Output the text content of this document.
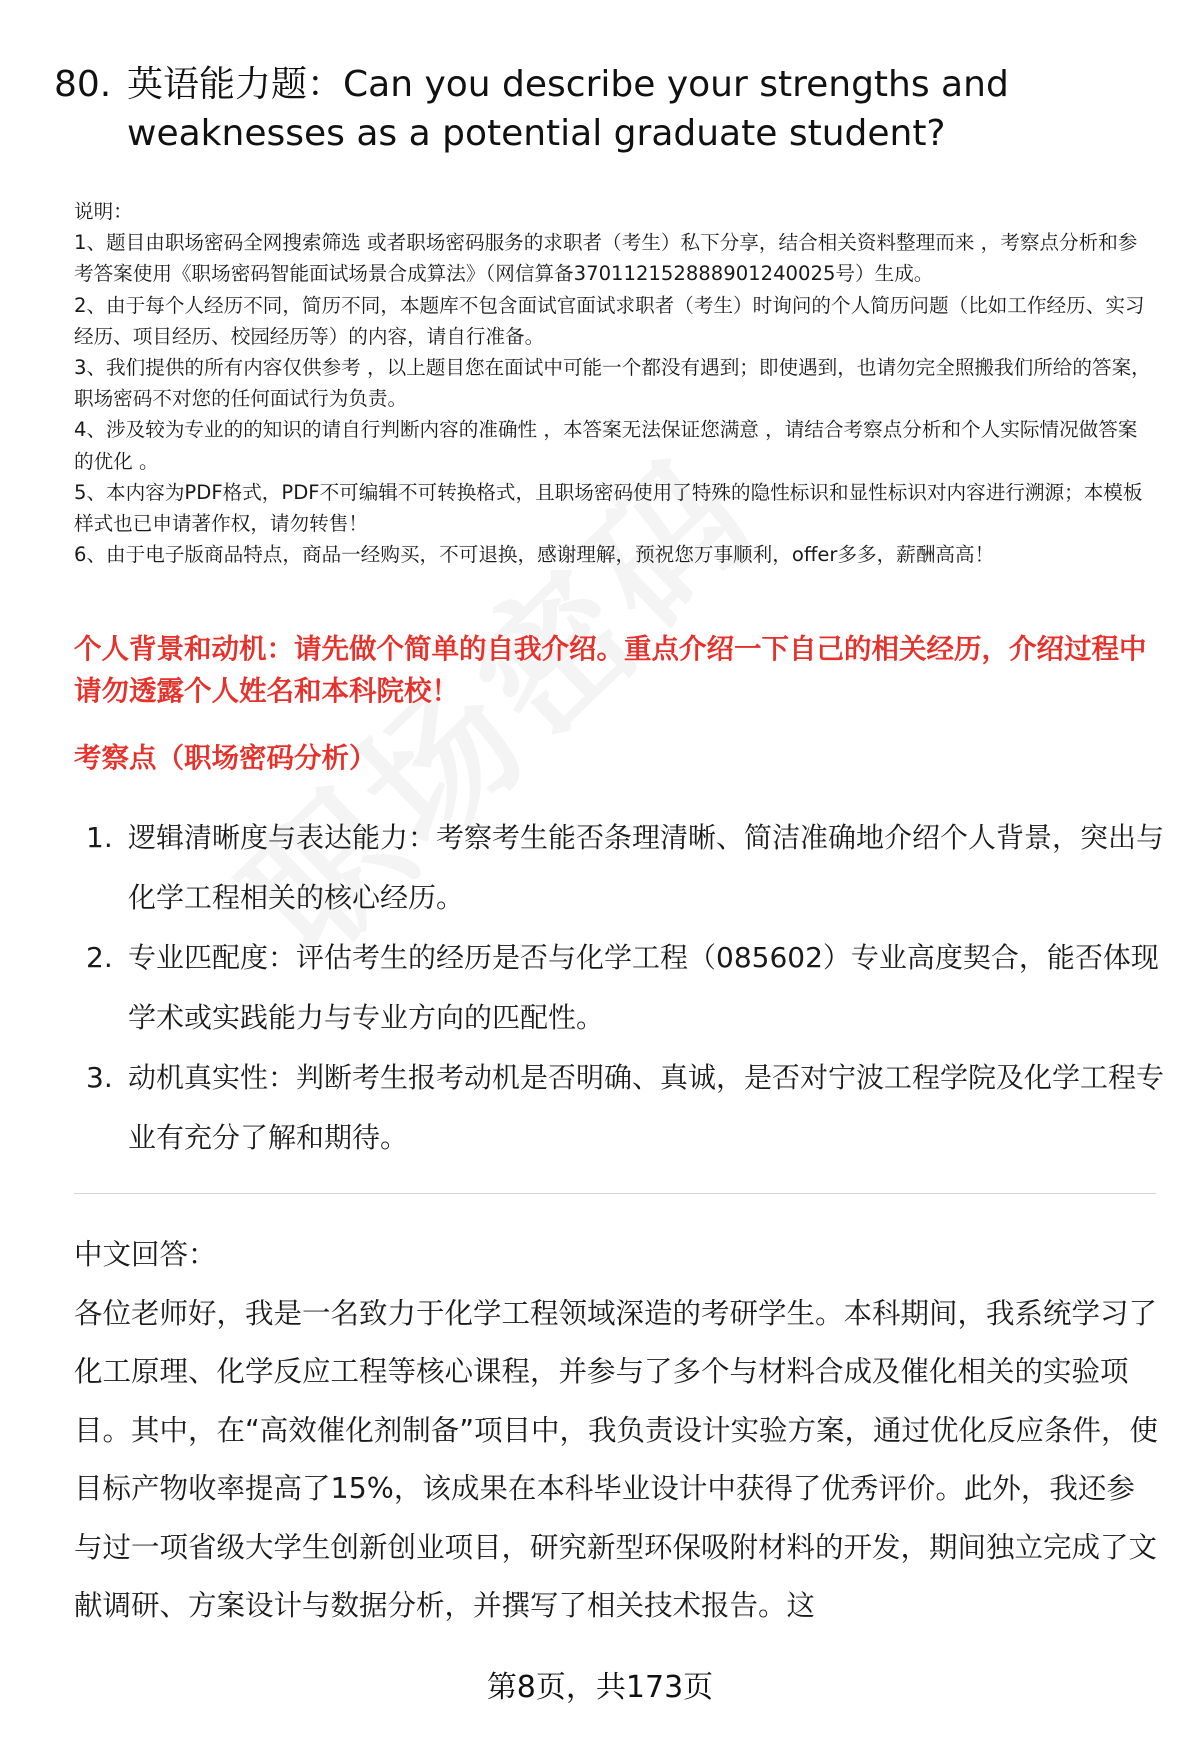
80. 英语能力题：Can you describe your strengths and weaknesses as a potential graduate student?
说明：
1、题目由职场密码全网搜索筛选 或者职场密码服务的求职者（考生）私下分享，结合相关资料整理而来 ，考察点分析和参考答案使用《职场密码智能面试场景合成算法》（网信算备370112152888901240025号）生成。
2、由于每个人经历不同，简历不同，本题库不包含面试官面试求职者（考生）时询问的个人简历问题（比如工作经历、实习经历、项目经历、校园经历等）的内容，请自行准备。
3、我们提供的所有内容仅供参考 ，以上题目您在面试中可能一个都没有遇到；即使遇到，也请勿完全照搬我们所给的答案，职场密码不对您的任何面试行为负责。
4、涉及较为专业的的知识的请自行判断内容的准确性 ，本答案无法保证您满意 ，请结合考察点分析和个人实际情况做答案的优化 。
5、本内容为PDF格式，PDF不可编辑不可转换格式，且职场密码使用了特殊的隐性标识和显性标识对内容进行溯源；本模板样式也已申请著作权，请勿转售！
6、由于电子版商品特点，商品一经购买，不可退换，感谢理解，预祝您万事顺利，offer多多，薪酬高高！
个人背景和动机：请先做个简单的自我介绍。重点介绍一下自己的相关经历，介绍过程中请勿透露个人姓名和本科院校！
考察点（职场密码分析）
1. 逻辑清晰度与表达能力：考察考生能否条理清晰、简洁准确地介绍个人背景，突出与化学工程相关的核心经历。
2. 专业匹配度：评估考生的经历是否与化学工程（085602）专业高度契合，能否体现学术或实践能力与专业方向的匹配性。
3. 动机真实性：判断考生报考动机是否明确、真诚，是否对宁波工程学院及化学工程专业有充分了解和期待。
中文回答：
各位老师好，我是一名致力于化学工程领域深造的考研学生。本科期间，我系统学习了化工原理、化学反应工程等核心课程，并参与了多个与材料合成及催化相关的实验项目。其中，在“高效催化剂制备”项目中，我负责设计实验方案，通过优化反应条件，使目标产物收率提高了15%，该成果在本科毕业设计中获得了优秀评价。此外，我还参与过一项省级大学生创新创业项目，研究新型环保吸附材料的开发，期间独立完成了文献调研、方案设计与数据分析，并撰写了相关技术报告。这
第8页，共173页
